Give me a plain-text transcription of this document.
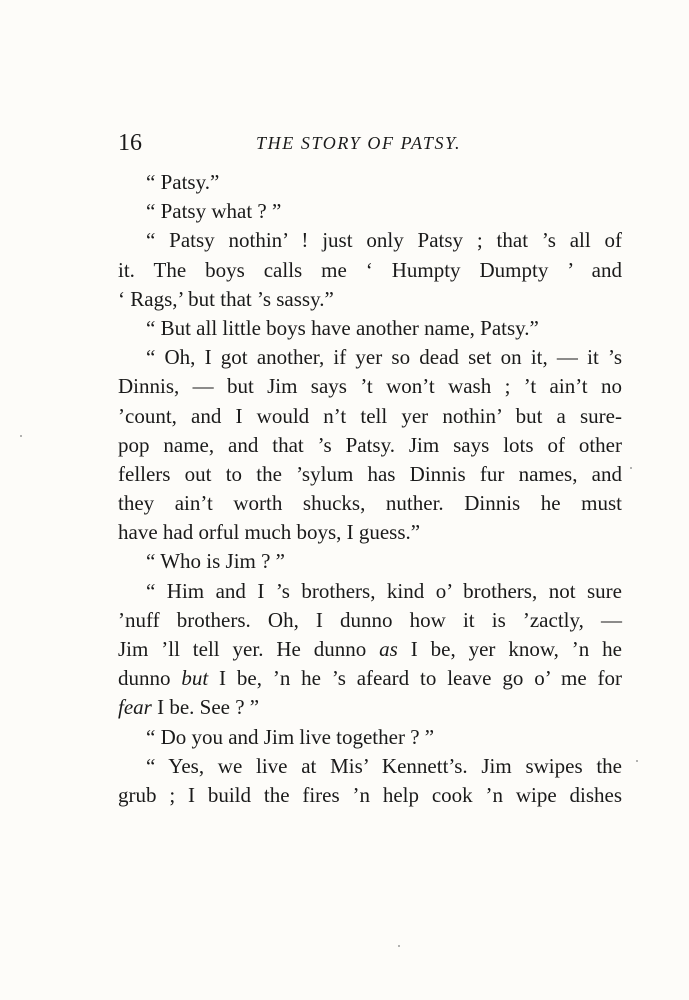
16	THE STORY OF PATSY.
“ Patsy.”
“ Patsy what ? ”
“ Patsy nothin’ ! just only Patsy ; that ’s all of
it. The boys calls me ‘ Humpty Dumpty ’ and
‘ Rags,’ but that ’s sassy.”
“ But all little boys have another name, Patsy.”
“ Oh, I got another, if yer so dead set on it, — it ’s
Dinnis, — but Jim says ’t won’t wash ; ’t ain’t no
’count, and I would n’t tell yer nothin’ but a sure-
pop name, and that ’s Patsy. Jim says lots of other
fellers out to the ’sylum has Dinnis fur names, and
they ain’t worth shucks, nuther. Dinnis he must
have had orful much boys, I guess.”
“ Who is Jim ? ”
“ Him and I ’s brothers, kind o’ brothers, not sure
’nuff brothers. Oh, I dunno how it is ’zactly, —
Jim ’ll tell yer. He dunno as I be, yer know, ’n he
dunno but I be, ’n he ’s afeard to leave go o’ me for
fear I be. See ? ”
“ Do you and Jim live together ? ”
“ Yes, we live at Mis’ Kennett’s. Jim swipes the
grub ; I build the fires ’n help cook ’n wipe dishes
